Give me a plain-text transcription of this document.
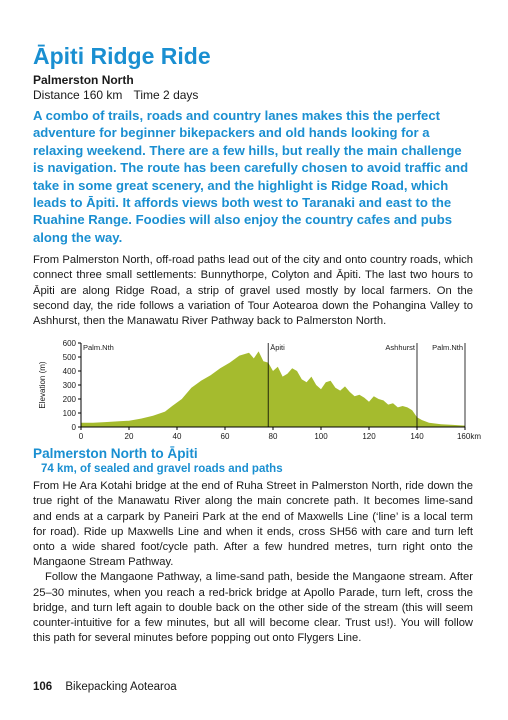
Āpiti Ridge Ride
Palmerston North
Distance 160 km Time 2 days
A combo of trails, roads and country lanes makes this the perfect adventure for beginner bikepackers and old hands looking for a relaxing weekend. There are a few hills, but really the main challenge is navigation. The route has been carefully chosen to avoid traffic and take in some great scenery, and the highlight is Ridge Road, which leads to Āpiti. It affords views both west to Taranaki and east to the Ruahine Range. Foodies will also enjoy the country cafes and pubs along the way.
From Palmerston North, off-road paths lead out of the city and onto country roads, which connect three small settlements: Bunnythorpe, Colyton and Āpiti. The last two hours to Āpiti are along Ridge Road, a strip of gravel used mostly by local farmers. On the second day, the ride follows a variation of Tour Aotearoa down the Pohangina Valley to Ashhurst, then the Manawatu River Pathway back to Palmerston North.
0
100
200
300
400
500
600
0	20	40	60	80	100	120	140	160km
Elevation (m)
Palm.Nth	Āpiti	Ashhurst Palm.Nth
Palmerston North to Āpiti
74 km, of sealed and gravel roads and paths
From He Ara Kotahi bridge at the end of Ruha Street in Palmerston North, ride down the true right of the Manawatu River along the main concrete path. It becomes lime-sand and ends at a carpark by Paneiri Park at the end of Maxwells Line (‘line’ is a local term for road). Ride up Maxwells Line and when it ends, cross SH56 with care and turn left onto a wide shared foot/cycle path. After a few hundred metres, turn right onto the Mangaone Stream Pathway.
Follow the Mangaone Pathway, a lime-sand path, beside the Mangaone stream. After 25–30 minutes, when you reach a red-brick bridge at Apollo Parade, turn left, cross the bridge, and turn left again to double back on the other side of the stream (this will seem counter-intuitive for a few minutes, but all will become clear. Trust us!). You will follow this path for several minutes before popping out onto Flygers Line.
106 Bikepacking Aotearoa
